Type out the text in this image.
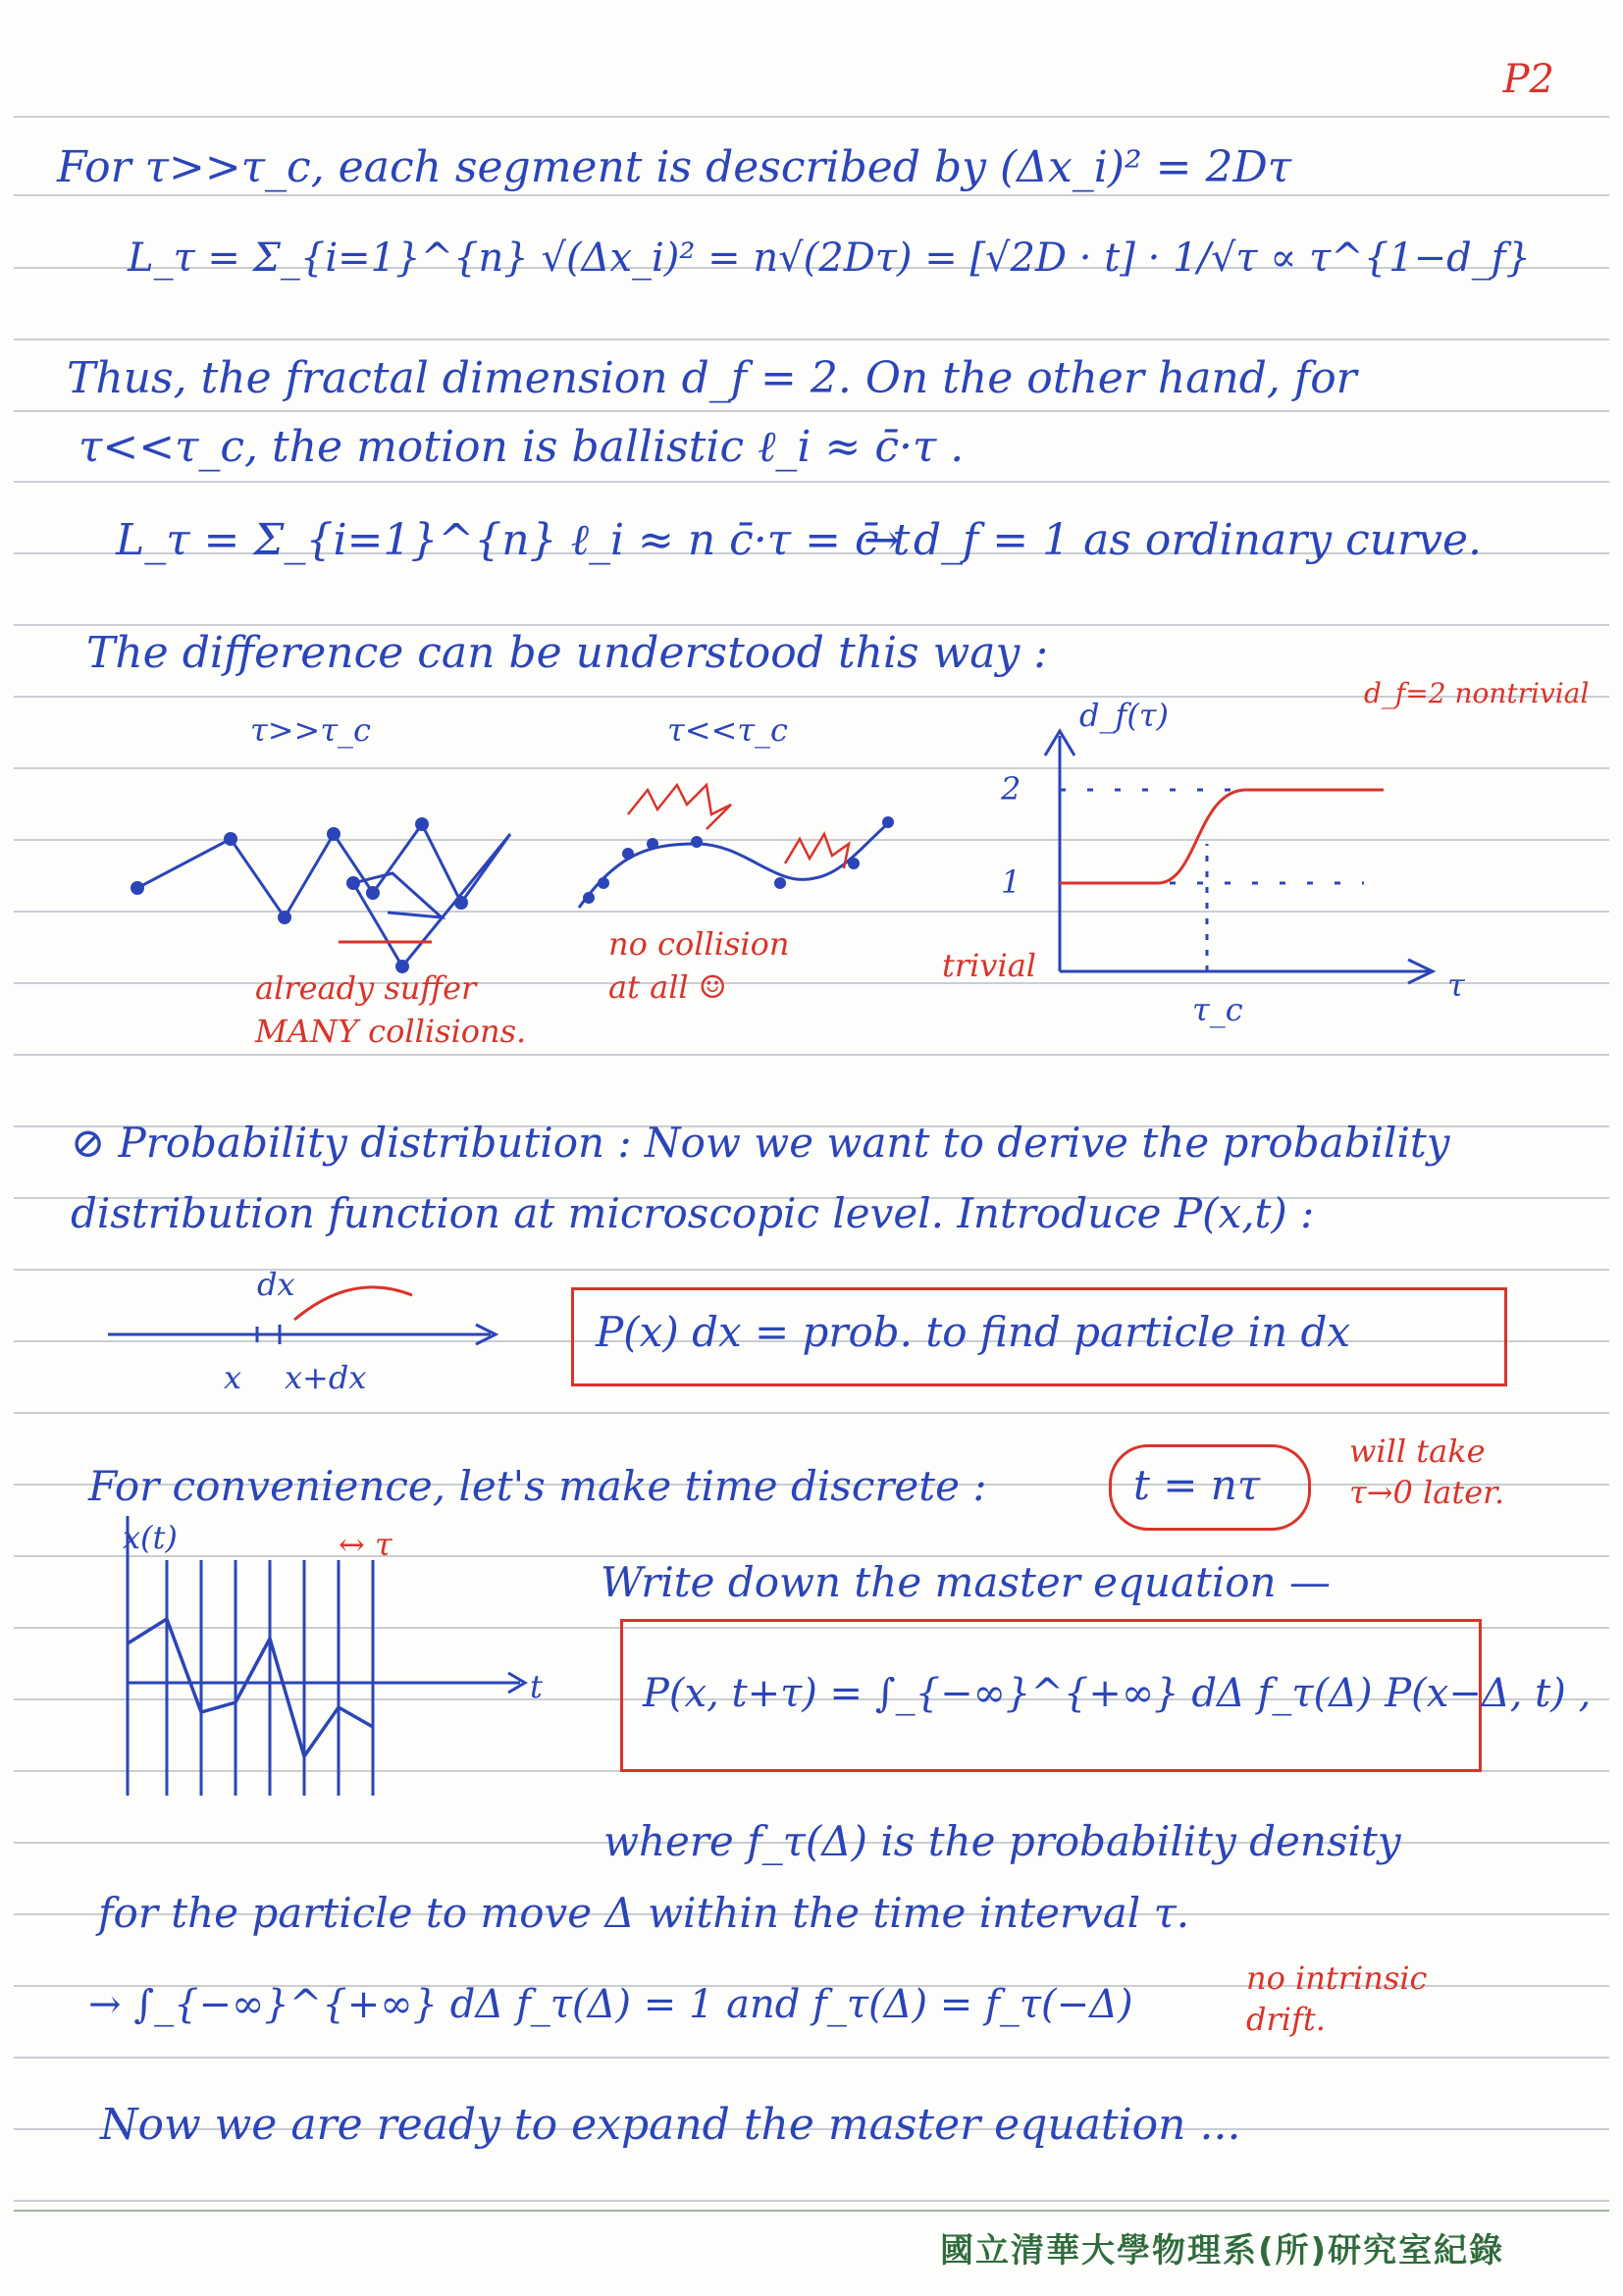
P2
For τ>>τ_c, each segment is described by (Δx_i)² = 2Dτ
L_τ = Σ_{i=1}^{n} √(Δx_i)² = n√(2Dτ) = [√2D · t] · 1/√τ ∝ τ^{1−d_f}
Thus, the fractal dimension d_f = 2. On the other hand, for
τ<<τ_c, the motion is ballistic ℓ_i ≈ c̄·τ .
L_τ = Σ_{i=1}^{n} ℓ_i ≈ n c̄·τ = c̄ t
→ d_f = 1 as ordinary curve.
The difference can be understood this way :
τ>>τ_c	τ<<τ_c
already suffer
MANY collisions.
no collision
at all ☺
d_f(τ)
2
1
τ
τ_c
trivial
d_f=2 nontrivial
⊘ Probability distribution : Now we want to derive the probability
distribution function at microscopic level. Introduce P(x,t) :
dx
x x+dx
P(x) dx = prob. to find particle in dx
For convenience, let's make time discrete :	t = nτ
will take
τ→0 later.
x(t)
t
↔ τ
Write down the master equation —
P(x, t+τ) = ∫_{−∞}^{+∞} dΔ f_τ(Δ) P(x−Δ, t) ,
where f_τ(Δ) is the probability density
for the particle to move Δ within the time interval τ.
→ ∫_{−∞}^{+∞} dΔ f_τ(Δ) = 1 and f_τ(Δ) = f_τ(−Δ)
no intrinsic
drift.
Now we are ready to expand the master equation ...
國立清華大學物理系(所)研究室紀錄
